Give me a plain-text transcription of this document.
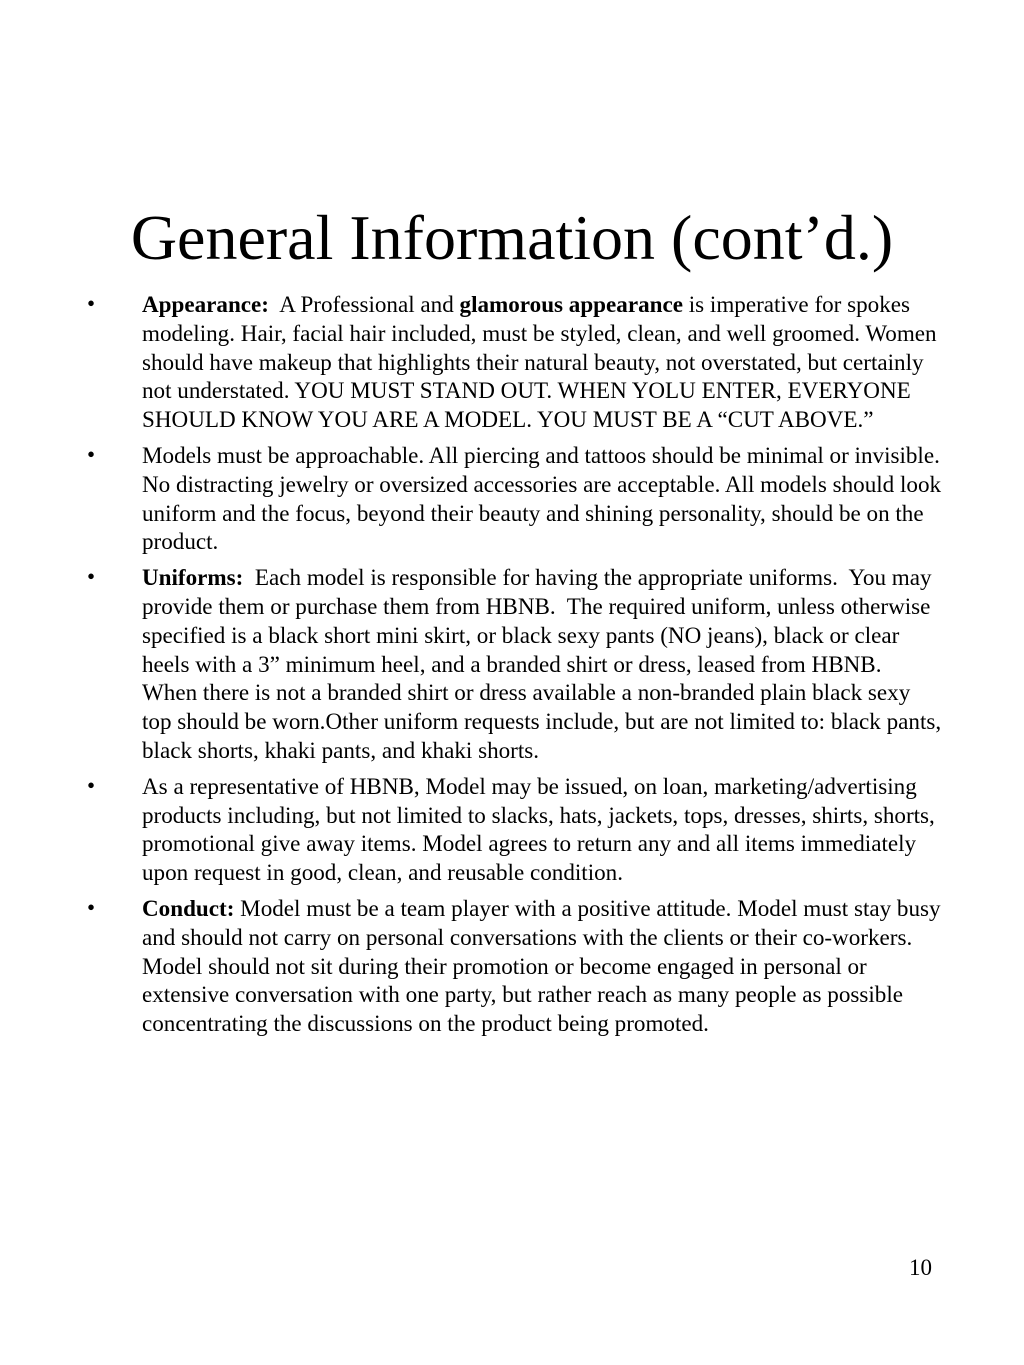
General Information (cont’d.)
• Appearance:  A Professional and glamorous appearance is imperative for spokes modeling. Hair, facial hair included, must be styled, clean, and well groomed. Women should have makeup that highlights their natural beauty, not overstated, but certainly not understated. YOU MUST STAND OUT. WHEN YOLU ENTER, EVERYONE SHOULD KNOW YOU ARE A MODEL. YOU MUST BE A “CUT ABOVE.”
• Models must be approachable. All piercing and tattoos should be minimal or invisible. No distracting jewelry or oversized accessories are acceptable. All models should look uniform and the focus, beyond their beauty and shining personality, should be on the product.
• Uniforms:  Each model is responsible for having the appropriate uniforms.  You may provide them or purchase them from HBNB.  The required uniform, unless otherwise specified is a black short mini skirt, or black sexy pants (NO jeans), black or clear heels with a 3” minimum heel, and a branded shirt or dress, leased from HBNB.  When there is not a branded shirt or dress available a non-branded plain black sexy top should be worn.Other uniform requests include, but are not limited to: black pants, black shorts, khaki pants, and khaki shorts.
• As a representative of HBNB, Model may be issued, on loan, marketing/advertising products including, but not limited to slacks, hats, jackets, tops, dresses, shirts, shorts, promotional give away items. Model agrees to return any and all items immediately upon request in good, clean, and reusable condition.
• Conduct: Model must be a team player with a positive attitude. Model must stay busy and should not carry on personal conversations with the clients or their co-workers. Model should not sit during their promotion or become engaged in personal or extensive conversation with one party, but rather reach as many people as possible concentrating the discussions on the product being promoted.
10
